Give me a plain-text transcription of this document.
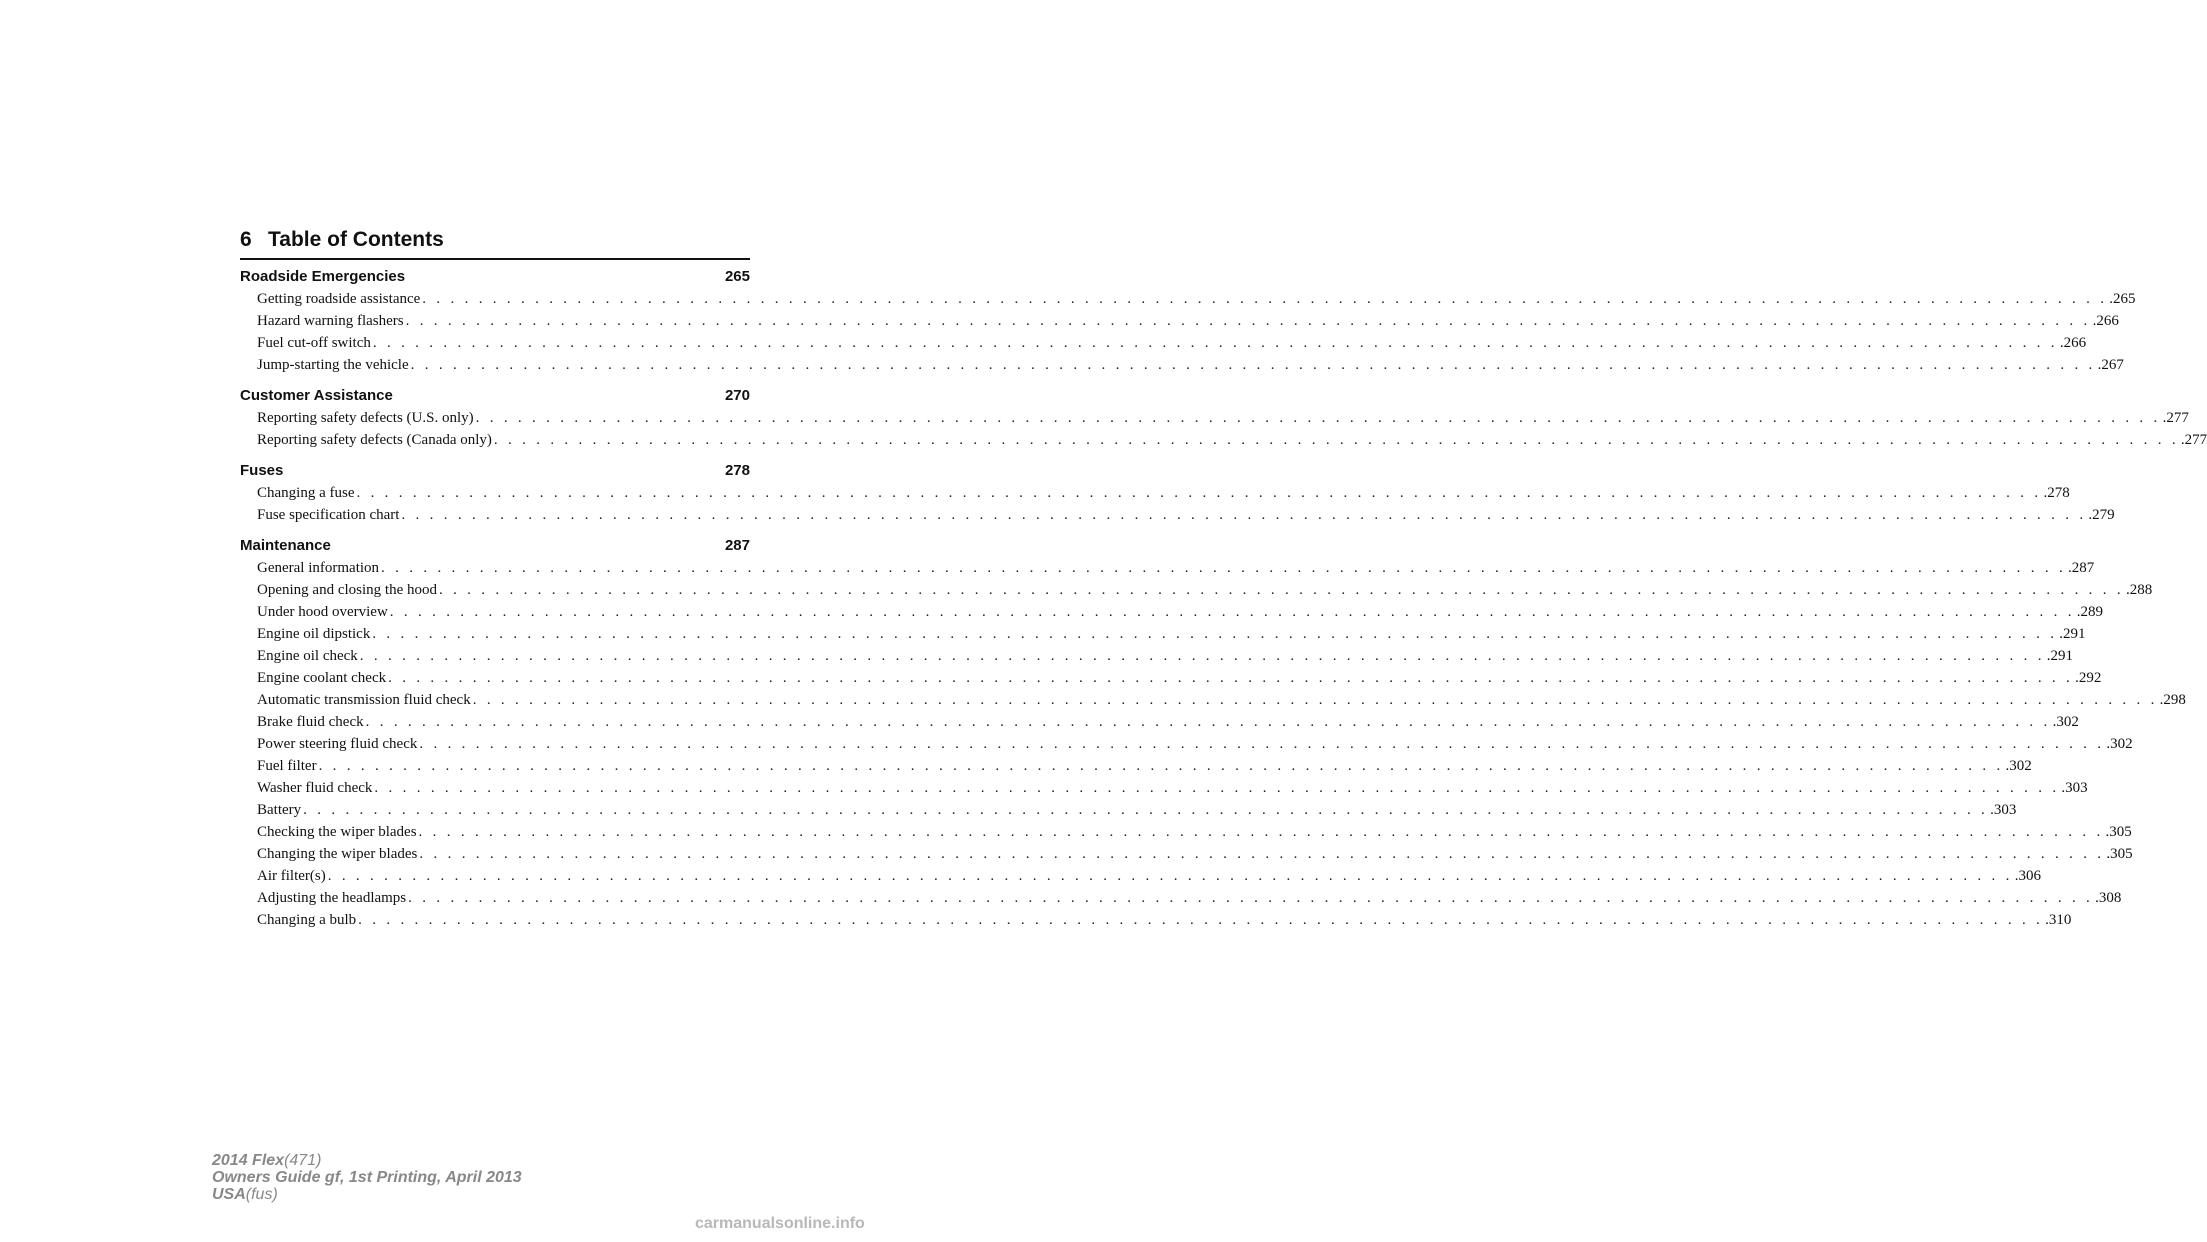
6 Table of Contents
Roadside Emergencies	265
Getting roadside assistance . . . . . . . . . . . . . . . . . . . . . . . . . . . . . . . . . . . . . . . . . . . . . . . . . . . . . . . . . . . . . . . . . . . . . . . . . . . . . . . . . . . . . . . . . . . . . . . . . . . . . . . . . . . . . . . . . . . . . . . . .265
Hazard warning flashers . . . . . . . . . . . . . . . . . . . . . . . . . . . . . . . . . . . . . . . . . . . . . . . . . . . . . . . . . . . . . . . . . . . . . . . . . . . . . . . . . . . . . . . . . . . . . . . . . . . . . . . . . . . . . . . . . . . . . . . . .266
Fuel cut-off switch . . . . . . . . . . . . . . . . . . . . . . . . . . . . . . . . . . . . . . . . . . . . . . . . . . . . . . . . . . . . . . . . . . . . . . . . . . . . . . . . . . . . . . . . . . . . . . . . . . . . . . . . . . . . . . . . . . . . . . . . .266
Jump-starting the vehicle . . . . . . . . . . . . . . . . . . . . . . . . . . . . . . . . . . . . . . . . . . . . . . . . . . . . . . . . . . . . . . . . . . . . . . . . . . . . . . . . . . . . . . . . . . . . . . . . . . . . . . . . . . . . . . . . . . . . . . . . .267
Customer Assistance	270
Reporting safety defects (U.S. only) . . . . . . . . . . . . . . . . . . . . . . . . . . . . . . . . . . . . . . . . . . . . . . . . . . . . . . . . . . . . . . . . . . . . . . . . . . . . . . . . . . . . . . . . . . . . . . . . . . . . . . . . . . . . . . . . . . . . . . . . .277
Reporting safety defects (Canada only) . . . . . . . . . . . . . . . . . . . . . . . . . . . . . . . . . . . . . . . . . . . . . . . . . . . . . . . . . . . . . . . . . . . . . . . . . . . . . . . . . . . . . . . . . . . . . . . . . . . . . . . . . . . . . . . . . . . . . . . . .277
Fuses	278
Changing a fuse . . . . . . . . . . . . . . . . . . . . . . . . . . . . . . . . . . . . . . . . . . . . . . . . . . . . . . . . . . . . . . . . . . . . . . . . . . . . . . . . . . . . . . . . . . . . . . . . . . . . . . . . . . . . . . . . . . . . . . . . .278
Fuse specification chart . . . . . . . . . . . . . . . . . . . . . . . . . . . . . . . . . . . . . . . . . . . . . . . . . . . . . . . . . . . . . . . . . . . . . . . . . . . . . . . . . . . . . . . . . . . . . . . . . . . . . . . . . . . . . . . . . . . . . . . . .279
Maintenance	287
General information . . . . . . . . . . . . . . . . . . . . . . . . . . . . . . . . . . . . . . . . . . . . . . . . . . . . . . . . . . . . . . . . . . . . . . . . . . . . . . . . . . . . . . . . . . . . . . . . . . . . . . . . . . . . . . . . . . . . . . . . .287
Opening and closing the hood . . . . . . . . . . . . . . . . . . . . . . . . . . . . . . . . . . . . . . . . . . . . . . . . . . . . . . . . . . . . . . . . . . . . . . . . . . . . . . . . . . . . . . . . . . . . . . . . . . . . . . . . . . . . . . . . . . . . . . . . .288
Under hood overview . . . . . . . . . . . . . . . . . . . . . . . . . . . . . . . . . . . . . . . . . . . . . . . . . . . . . . . . . . . . . . . . . . . . . . . . . . . . . . . . . . . . . . . . . . . . . . . . . . . . . . . . . . . . . . . . . . . . . . . . .289
Engine oil dipstick . . . . . . . . . . . . . . . . . . . . . . . . . . . . . . . . . . . . . . . . . . . . . . . . . . . . . . . . . . . . . . . . . . . . . . . . . . . . . . . . . . . . . . . . . . . . . . . . . . . . . . . . . . . . . . . . . . . . . . . . .291
Engine oil check . . . . . . . . . . . . . . . . . . . . . . . . . . . . . . . . . . . . . . . . . . . . . . . . . . . . . . . . . . . . . . . . . . . . . . . . . . . . . . . . . . . . . . . . . . . . . . . . . . . . . . . . . . . . . . . . . . . . . . . . .291
Engine coolant check . . . . . . . . . . . . . . . . . . . . . . . . . . . . . . . . . . . . . . . . . . . . . . . . . . . . . . . . . . . . . . . . . . . . . . . . . . . . . . . . . . . . . . . . . . . . . . . . . . . . . . . . . . . . . . . . . . . . . . . . .292
Automatic transmission fluid check . . . . . . . . . . . . . . . . . . . . . . . . . . . . . . . . . . . . . . . . . . . . . . . . . . . . . . . . . . . . . . . . . . . . . . . . . . . . . . . . . . . . . . . . . . . . . . . . . . . . . . . . . . . . . . . . . . . . . . . . .298
Brake fluid check . . . . . . . . . . . . . . . . . . . . . . . . . . . . . . . . . . . . . . . . . . . . . . . . . . . . . . . . . . . . . . . . . . . . . . . . . . . . . . . . . . . . . . . . . . . . . . . . . . . . . . . . . . . . . . . . . . . . . . . . .302
Power steering fluid check . . . . . . . . . . . . . . . . . . . . . . . . . . . . . . . . . . . . . . . . . . . . . . . . . . . . . . . . . . . . . . . . . . . . . . . . . . . . . . . . . . . . . . . . . . . . . . . . . . . . . . . . . . . . . . . . . . . . . . . . .302
Fuel filter . . . . . . . . . . . . . . . . . . . . . . . . . . . . . . . . . . . . . . . . . . . . . . . . . . . . . . . . . . . . . . . . . . . . . . . . . . . . . . . . . . . . . . . . . . . . . . . . . . . . . . . . . . . . . . . . . . . . . . . . .302
Washer fluid check . . . . . . . . . . . . . . . . . . . . . . . . . . . . . . . . . . . . . . . . . . . . . . . . . . . . . . . . . . . . . . . . . . . . . . . . . . . . . . . . . . . . . . . . . . . . . . . . . . . . . . . . . . . . . . . . . . . . . . . . .303
Battery . . . . . . . . . . . . . . . . . . . . . . . . . . . . . . . . . . . . . . . . . . . . . . . . . . . . . . . . . . . . . . . . . . . . . . . . . . . . . . . . . . . . . . . . . . . . . . . . . . . . . . . . . . . . . . . . . . . . . . . . .303
Checking the wiper blades . . . . . . . . . . . . . . . . . . . . . . . . . . . . . . . . . . . . . . . . . . . . . . . . . . . . . . . . . . . . . . . . . . . . . . . . . . . . . . . . . . . . . . . . . . . . . . . . . . . . . . . . . . . . . . . . . . . . . . . . .305
Changing the wiper blades . . . . . . . . . . . . . . . . . . . . . . . . . . . . . . . . . . . . . . . . . . . . . . . . . . . . . . . . . . . . . . . . . . . . . . . . . . . . . . . . . . . . . . . . . . . . . . . . . . . . . . . . . . . . . . . . . . . . . . . . .305
Air filter(s) . . . . . . . . . . . . . . . . . . . . . . . . . . . . . . . . . . . . . . . . . . . . . . . . . . . . . . . . . . . . . . . . . . . . . . . . . . . . . . . . . . . . . . . . . . . . . . . . . . . . . . . . . . . . . . . . . . . . . . . . .306
Adjusting the headlamps . . . . . . . . . . . . . . . . . . . . . . . . . . . . . . . . . . . . . . . . . . . . . . . . . . . . . . . . . . . . . . . . . . . . . . . . . . . . . . . . . . . . . . . . . . . . . . . . . . . . . . . . . . . . . . . . . . . . . . . . .308
Changing a bulb . . . . . . . . . . . . . . . . . . . . . . . . . . . . . . . . . . . . . . . . . . . . . . . . . . . . . . . . . . . . . . . . . . . . . . . . . . . . . . . . . . . . . . . . . . . . . . . . . . . . . . . . . . . . . . . . . . . . . . . . .310
2014 Flex(471)
Owners Guide gf, 1st Printing, April 2013
USA(fus)
carmanualsonline.info
